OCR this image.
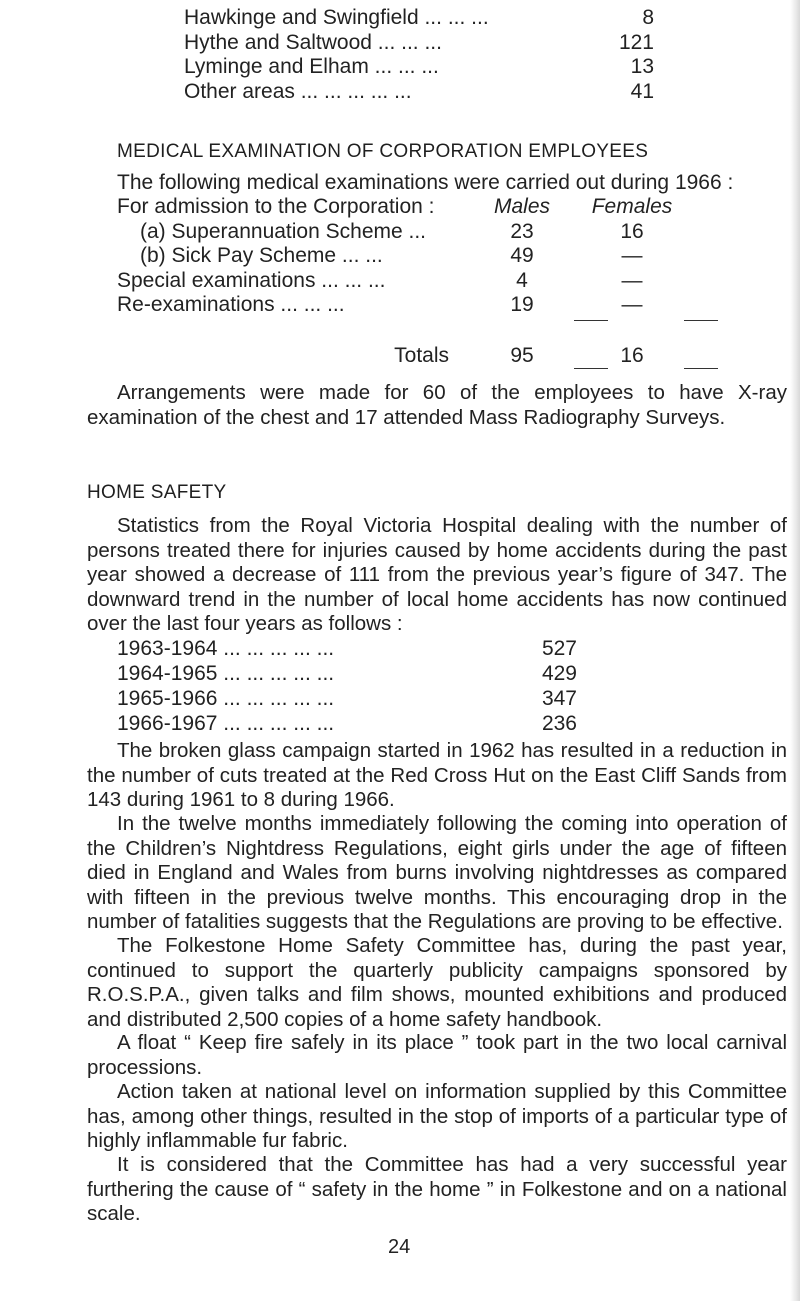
Hawkinge and Swingfield ... ... ...	8
Hythe and Saltwood ... ... ...	121
Lyminge and Elham ... ... ...	13
Other areas ... ... ... ... ...	41
MEDICAL EXAMINATION OF CORPORATION EMPLOYEES
The following medical examinations were carried out during 1966 :
For admission to the Corporation :	Males	Females
(a) Superannuation Scheme ...	23	16
(b) Sick Pay Scheme ... ...	49	—
Special examinations ... ... ...	4	—
Re-examinations ... ... ...	19	—
Totals	95	16

Arrangements were made for 60 of the employees to have X-ray examination of the chest and 17 attended Mass Radiography Surveys.

HOME SAFETY

Statistics from the Royal Victoria Hospital dealing with the number of persons treated there for injuries caused by home accidents during the past year showed a decrease of 111 from the previous year’s figure of 347. The downward trend in the number of local home accidents has now continued over the last four years as follows :

1963-1964 ... ... ... ... ...	527
1964-1965 ... ... ... ... ...	429
1965-1966 ... ... ... ... ...	347
1966-1967 ... ... ... ... ...	236

The broken glass campaign started in 1962 has resulted in a reduction in the number of cuts treated at the Red Cross Hut on the East Cliff Sands from 143 during 1961 to 8 during 1966.

In the twelve months immediately following the coming into operation of the Children’s Nightdress Regulations, eight girls under the age of fifteen died in England and Wales from burns involving nightdresses as compared with fifteen in the previous twelve months. This encouraging drop in the number of fatalities suggests that the Regulations are proving to be effective.

The Folkestone Home Safety Committee has, during the past year, continued to support the quarterly publicity campaigns sponsored by R.O.S.P.A., given talks and film shows, mounted exhibitions and produced and distributed 2,500 copies of a home safety handbook.

A float “ Keep fire safely in its place ” took part in the two local carnival processions.

Action taken at national level on information supplied by this Committee has, among other things, resulted in the stop of imports of a particular type of highly inflammable fur fabric.

It is considered that the Committee has had a very successful year furthering the cause of “ safety in the home ” in Folkestone and on a national scale.

24
